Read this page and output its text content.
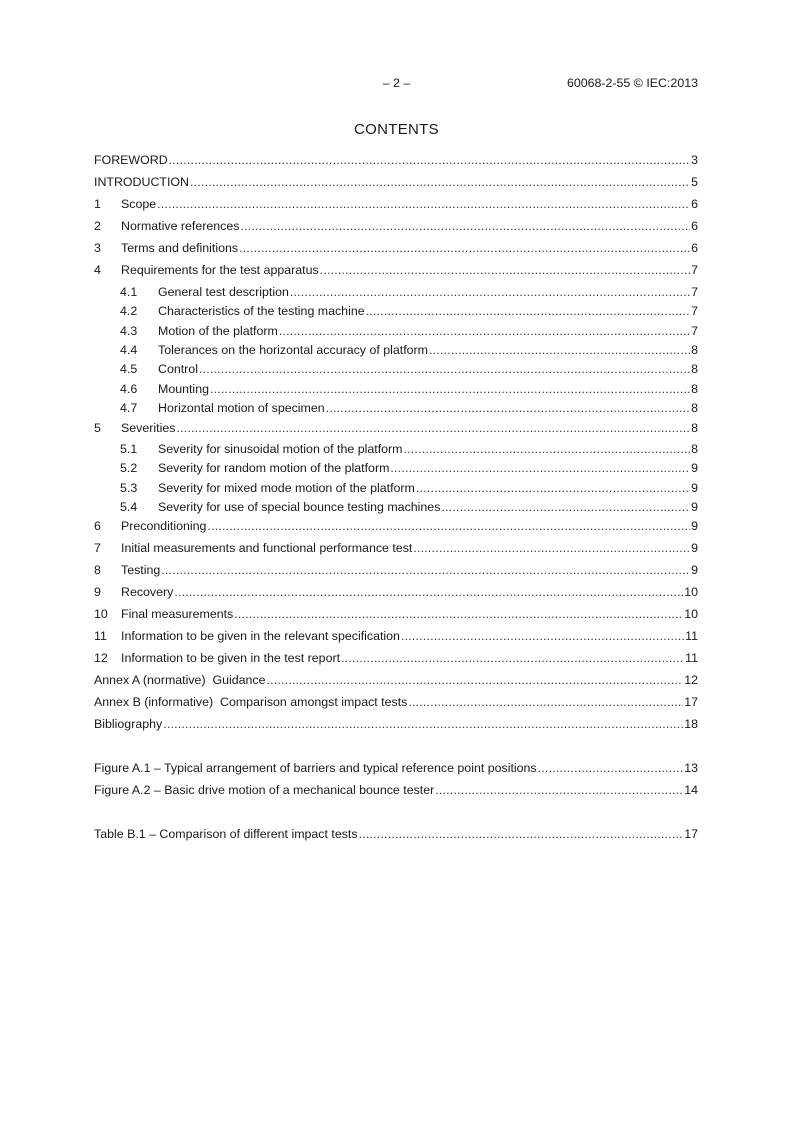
– 2 –	60068-2-55 © IEC:2013
CONTENTS
FOREWORD .....	3
INTRODUCTION .....	5
1	Scope .....	6
2	Normative references .....	6
3	Terms and definitions .....	6
4	Requirements for the test apparatus .....	7
4.1	General test description .....	7
4.2	Characteristics of the testing machine .....	7
4.3	Motion of the platform .....	7
4.4	Tolerances on the horizontal accuracy of platform .....	8
4.5	Control .....	8
4.6	Mounting .....	8
4.7	Horizontal motion of specimen .....	8
5	Severities .....	8
5.1	Severity for sinusoidal motion of the platform .....	8
5.2	Severity for random motion of the platform .....	9
5.3	Severity for mixed mode motion of the platform .....	9
5.4	Severity for use of special bounce testing machines .....	9
6	Preconditioning .....	9
7	Initial measurements and functional performance test .....	9
8	Testing .....	9
9	Recovery .....	10
10	Final measurements .....	10
11	Information to be given in the relevant specification .....	11
12	Information to be given in the test report .....	11
Annex A (normative)  Guidance .....	12
Annex B (informative)  Comparison amongst impact tests .....	17
Bibliography .....	18
Figure A.1 – Typical arrangement of barriers and typical reference point positions .....	13
Figure A.2 – Basic drive motion of a mechanical bounce tester .....	14
Table B.1 – Comparison of different impact tests .....	17
